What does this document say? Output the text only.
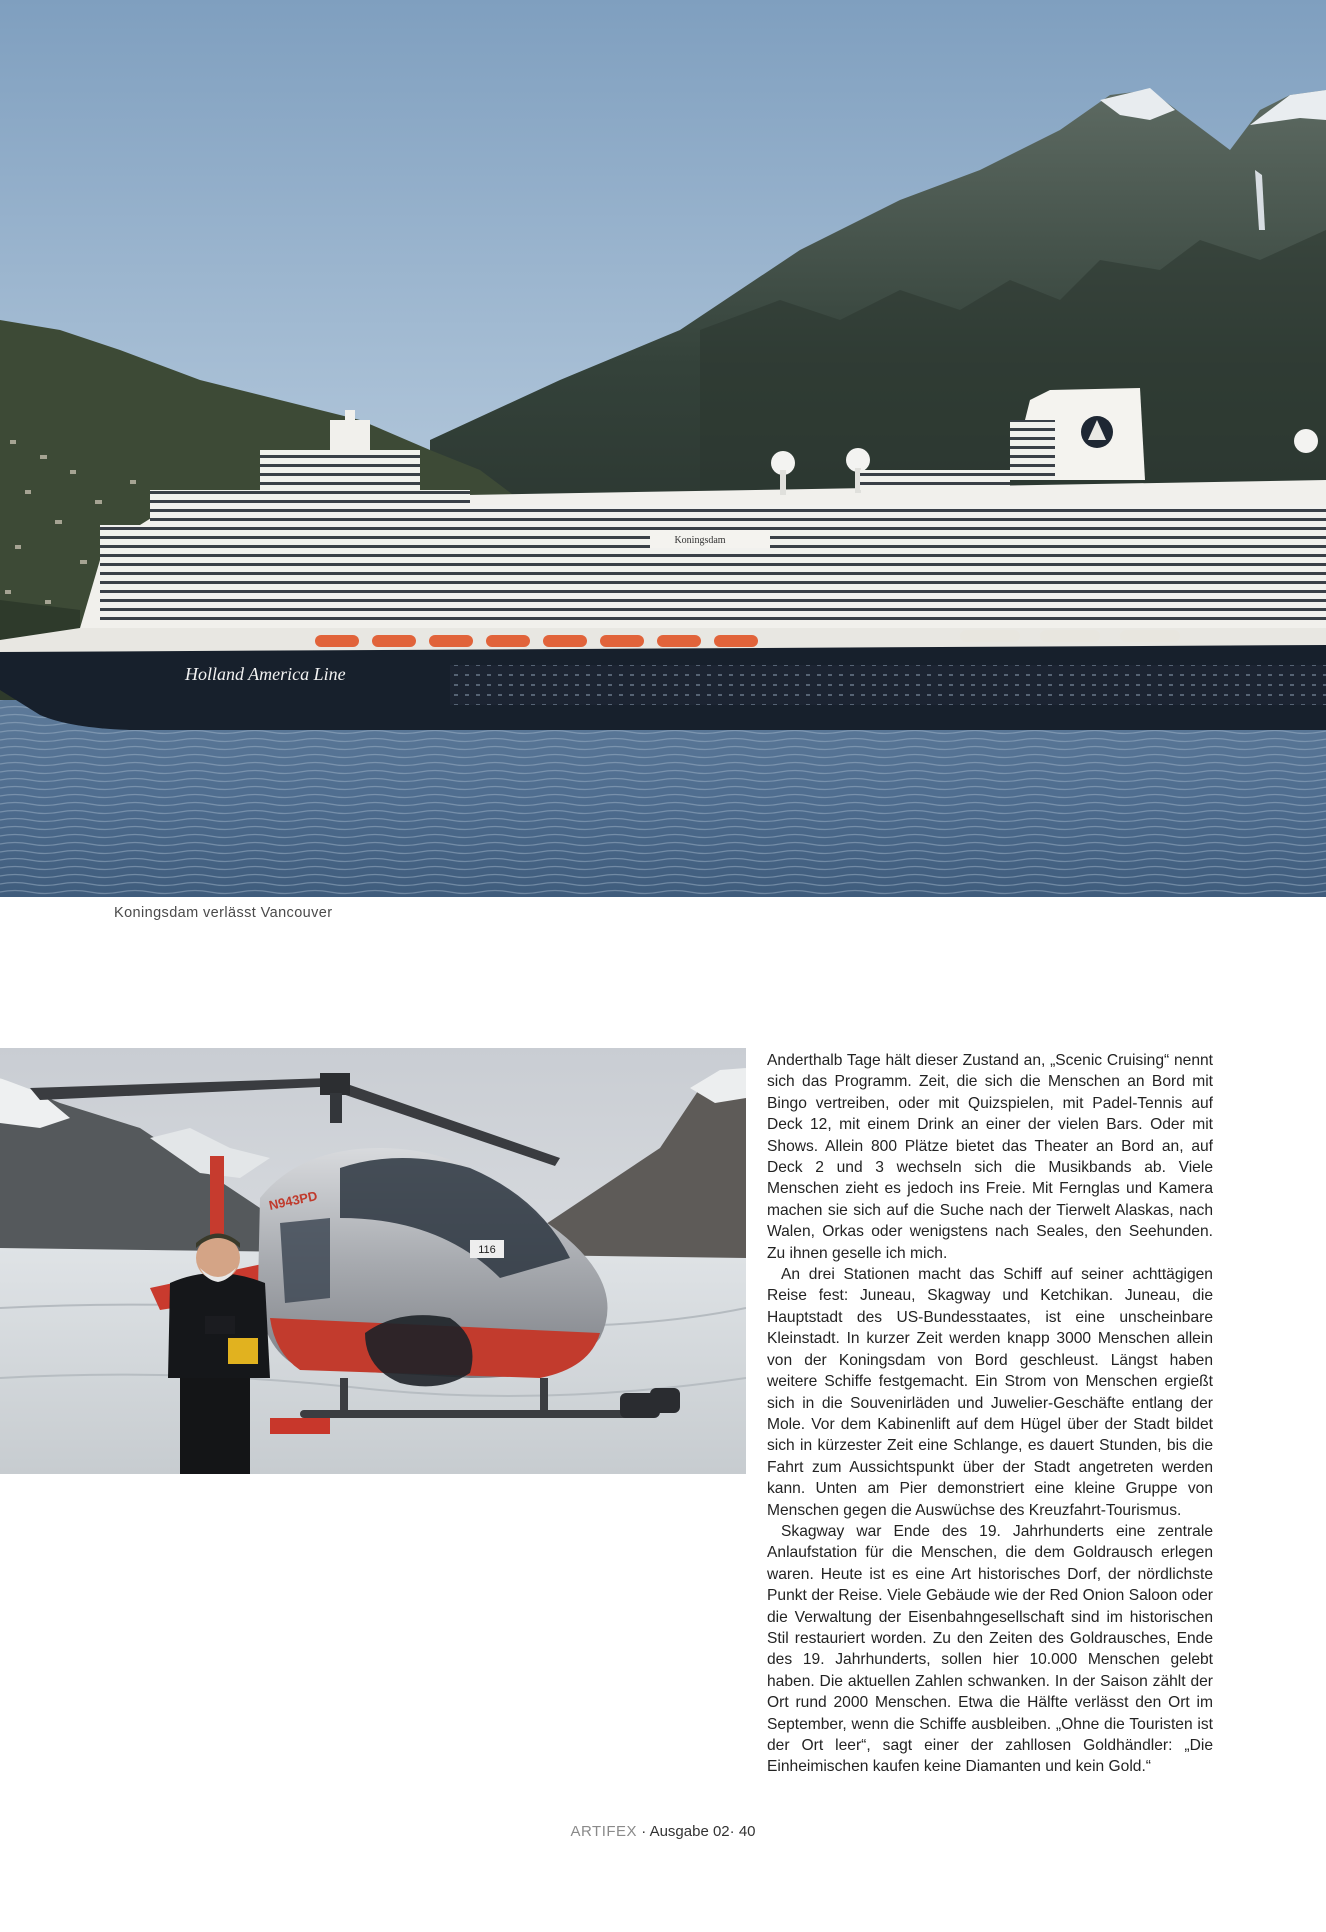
Holland America Line
Koningsdam
Koningsdam verlässt Vancouver
116
N943PD

Anderthalb Tage hält dieser Zustand an, „Scenic Cruising“ nennt sich das Programm. Zeit, die sich die Menschen an Bord mit Bingo vertreiben, oder mit Quizspielen, mit Padel-Tennis auf Deck 12, mit einem Drink an einer der vielen Bars. Oder mit Shows. Allein 800 Plätze bietet das Theater an Bord an, auf Deck 2 und 3 wechseln sich die Musikbands ab. Viele Menschen zieht es jedoch ins Freie. Mit Fernglas und Kamera machen sie sich auf die Suche nach der Tierwelt Alaskas, nach Walen, Orkas oder wenigstens nach Seales, den Seehunden. Zu ihnen geselle ich mich.

An drei Stationen macht das Schiff auf seiner achttägigen Reise fest: Juneau, Skagway und Ketchikan. Juneau, die Hauptstadt des US-Bundesstaates, ist eine unscheinbare Kleinstadt. In kurzer Zeit werden knapp 3000 Menschen allein von der Koningsdam von Bord geschleust. Längst haben weitere Schiffe festgemacht. Ein Strom von Menschen ergießt sich in die Souvenirläden und Juwelier-Geschäfte entlang der Mole. Vor dem Kabinenlift auf dem Hügel über der Stadt bildet sich in kürzester Zeit eine Schlange, es dauert Stunden, bis die Fahrt zum Aussichtspunkt über der Stadt angetreten werden kann. Unten am Pier demonstriert eine kleine Gruppe von Menschen gegen die Auswüchse des Kreuzfahrt-Tourismus.

Skagway war Ende des 19. Jahrhunderts eine zentrale Anlaufstation für die Menschen, die dem Goldrausch erlegen waren. Heute ist es eine Art historisches Dorf, der nördlichste Punkt der Reise. Viele Gebäude wie der Red Onion Saloon oder die Verwaltung der Eisenbahngesellschaft sind im historischen Stil restauriert worden. Zu den Zeiten des Goldrausches, Ende des 19. Jahrhunderts, sollen hier 10.000 Menschen gelebt haben. Die aktuellen Zahlen schwanken. In der Saison zählt der Ort rund 2000 Menschen. Etwa die Hälfte verlässt den Ort im September, wenn die Schiffe ausbleiben. „Ohne die Touristen ist der Ort leer“, sagt einer der zahllosen Goldhändler: „Die Einheimischen kaufen keine Diamanten und kein Gold.“

ARTIFEX · Ausgabe 02· 40
